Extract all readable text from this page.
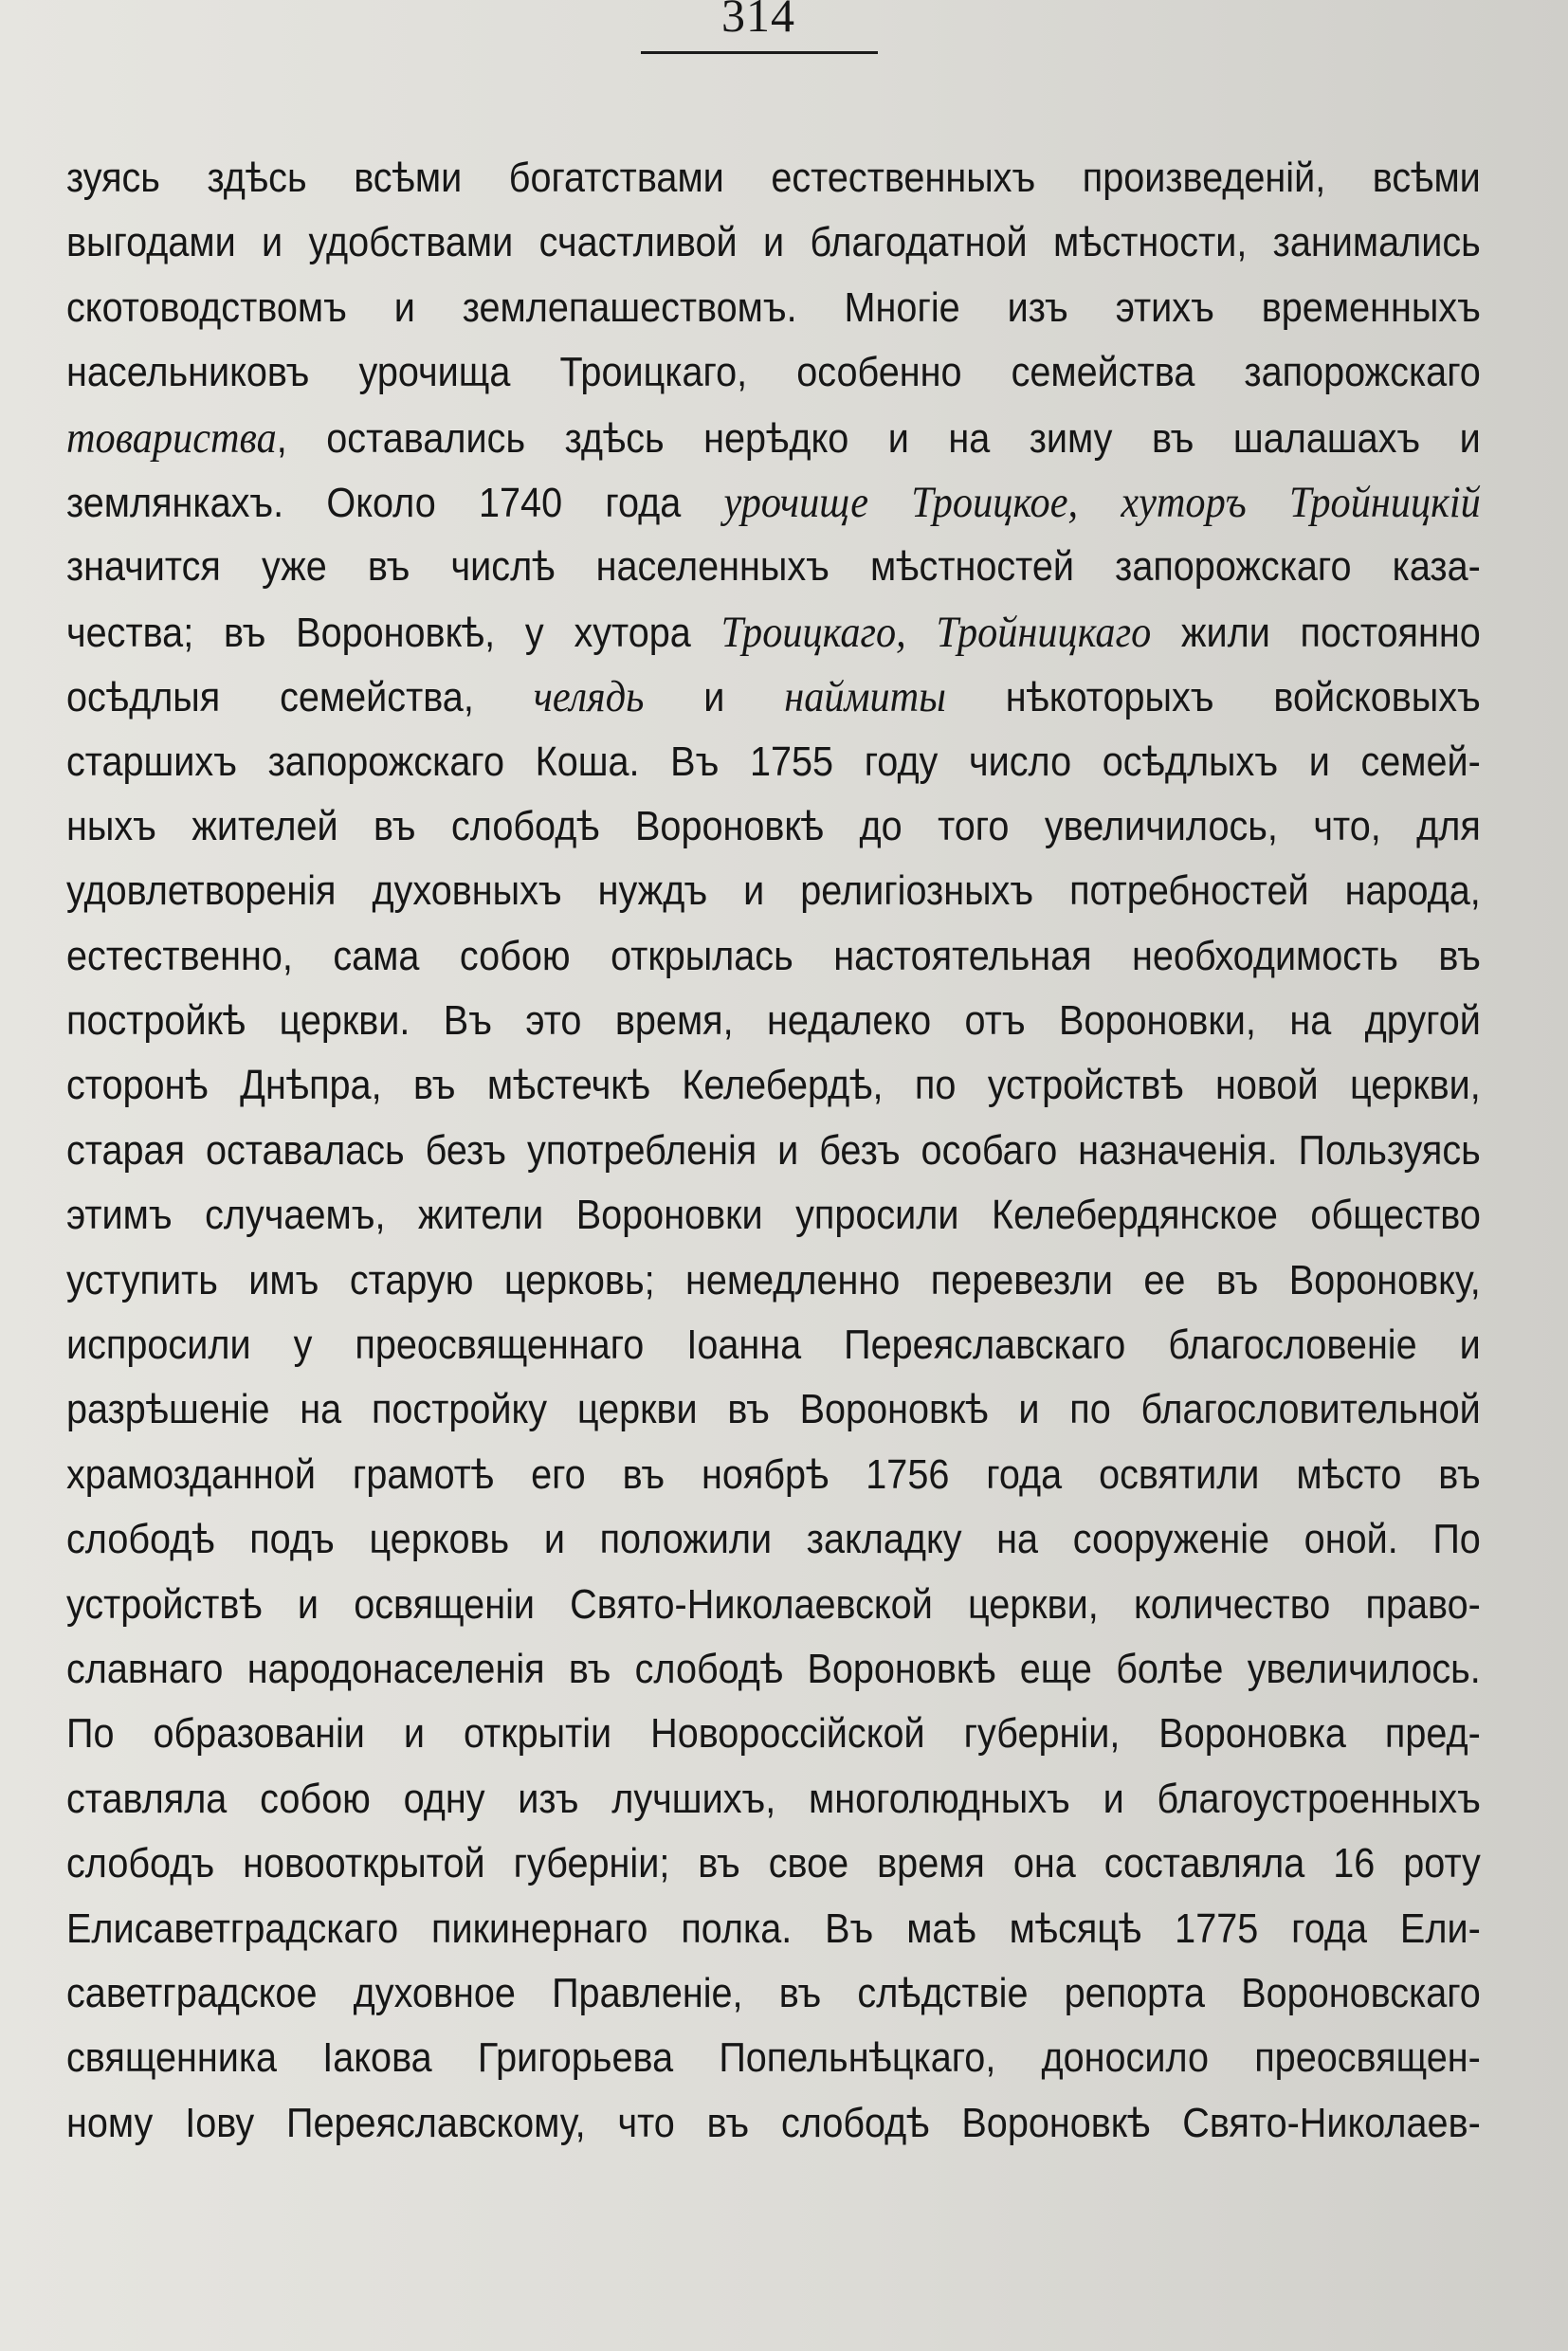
314
зуясь здѣсь всѣми богатствами естественныхъ произведенiй, всѣми
выгодами и удобствами счастливой и благодатной мѣстности, занимались
скотоводствомъ и землепашествомъ. Многiе изъ этихъ временныхъ
насельниковъ урочища Троицкаго, особенно семейства запорожскаго
товариства, оставались здѣсь нерѣдко и на зиму въ шалашахъ и
землянкахъ. Около 1740 года урочище Троицкое, хуторъ Тройницкiй
значится уже въ числѣ населенныхъ мѣстностей запорожскаго каза-
чества; въ Вороновкѣ, у хутора Троицкаго, Тройницкаго жили постоянно
осѣдлыя семейства, челядь и наймиты нѣкоторыхъ войсковыхъ
старшихъ запорожскаго Коша. Въ 1755 году число осѣдлыхъ и семей-
ныхъ жителей въ слободѣ Вороновкѣ до того увеличилось, что, для
удовлетворенiя духовныхъ нуждъ и религiозныхъ потребностей народа,
естественно, сама собою открылась настоятельная необходимость въ
постройкѣ церкви. Въ это время, недалеко отъ Вороновки, на другой
сторонѣ Днѣпра, въ мѣстечкѣ Келебердѣ, по устройствѣ новой церкви,
старая оставалась безъ употребленiя и безъ особаго назначенiя. Пользуясь
этимъ случаемъ, жители Вороновки упросили Келебердянское общество
уступить имъ старую церковь; немедленно перевезли ее въ Вороновку,
испросили у преосвященнаго Iоанна Переяславскаго благословенiе и
разрѣшенiе на постройку церкви въ Вороновкѣ и по благословительной
храмозданной грамотѣ его въ ноябрѣ 1756 года освятили мѣсто въ
слободѣ подъ церковь и положили закладку на сооруженiе оной. По
устройствѣ и освященiи Свято-Николаевской церкви, количество право-
славнаго народонаселенiя въ слободѣ Вороновкѣ еще болѣе увеличилось.
По образованiи и открытiи Новороссiйской губернiи, Вороновка пред-
ставляла собою одну изъ лучшихъ, многолюдныхъ и благоустроенныхъ
слободъ новооткрытой губернiи; въ свое время она составляла 16 роту
Елисаветградскаго пикинернаго полка. Въ маѣ мѣсяцѣ 1775 года Ели-
саветградское духовное Правленiе, въ слѣдствiе репорта Вороновскаго
священника Iакова Григорьева Попельнѣцкаго, доносило преосвящен-
ному Iову Переяславскому, что въ слободѣ Вороновкѣ Свято-Николаев-
